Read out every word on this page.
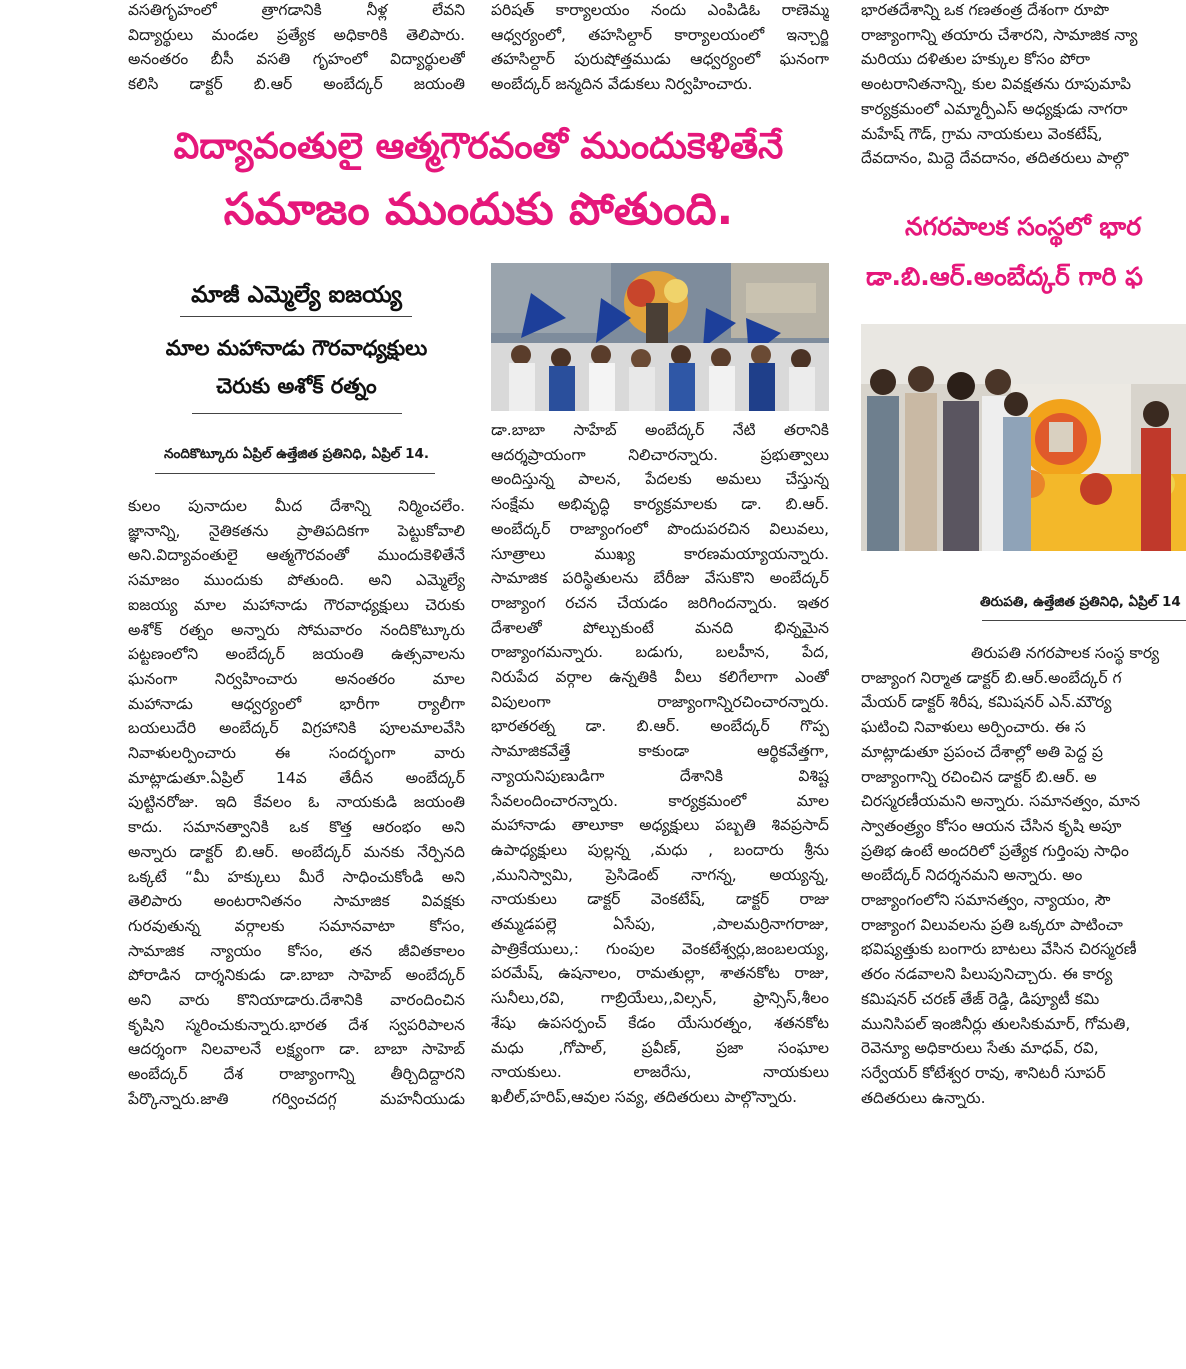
వసతిగృహంలో త్రాగడానికి నీళ్ల లేవని

విద్యార్థులు మండల ప్రత్యేక అధికారికి తెలిపారు.

అనంతరం బీసీ వసతి గృహంలో విద్యార్థులతో

కలిసి డాక్టర్ బి.ఆర్ అంబేద్కర్ జయంతి

పరిషత్ కార్యాలయం నందు ఎంపిడిఓ రాణెమ్మ

ఆధ్వర్యంలో, తహసిల్దార్ కార్యాలయంలో ఇన్చార్జి

తహసిల్దార్ పురుషోత్తముడు ఆధ్వర్యంలో ఘనంగా

అంబేద్కర్ జన్మదిన వేడుకలు నిర్వహించారు.

భారతదేశాన్ని ఒక గణతంత్ర దేశంగా రూపొ

రాజ్యాంగాన్ని తయారు చేశారని, సామాజిక న్యా

మరియు దళితుల హక్కుల కోసం పోరా

అంటరానితనాన్ని, కుల వివక్షతను రూపుమాపి

కార్యక్రమంలో ఎమ్మార్పీఎస్ అధ్యక్షుడు నాగరా

మహేష్ గౌడ్, గ్రామ నాయకులు వెంకటేష్,

దేవదానం, మిద్దె దేవదానం, తదితరులు పాల్గొ

విద్యావంతులై ఆత్మగౌరవంతో ముందుకెళితేనే
సమాజం ముందుకు పోతుంది.
మాజీ ఎమ్మెల్యే ఐజయ్య
మాల మహానాడు గౌరవాధ్యక్షులు
చెరుకు అశోక్ రత్నం
నందికొట్కూరు ఏప్రిల్ ఉత్తేజిత ప్రతినిధి, ఏప్రిల్ 14.

కులం పునాదుల మీద దేశాన్ని నిర్మించలేం.

జ్ఞానాన్ని, నైతికతను ప్రాతిపదికగా పెట్టుకోవాలి

అని.విద్యావంతులై ఆత్మగౌరవంతో ముందుకెళితేనే

సమాజం ముందుకు పోతుంది. అని ఎమ్మెల్యే

ఐజయ్య మాల మహానాడు గౌరవాధ్యక్షులు చెరుకు

అశోక్ రత్నం అన్నారు సోమవారం నందికొట్కూరు

పట్టణంలోని అంబేద్కర్ జయంతి ఉత్సవాలను

ఘనంగా నిర్వహించారు అనంతరం మాల

మహానాడు ఆధ్వర్యంలో భారీగా ర్యాలీగా

బయలుదేరి అంబేద్కర్ విగ్రహానికి పూలమాలవేసి

నివాళులర్పించారు ఈ సందర్భంగా వారు

మాట్లాడుతూ.ఏప్రిల్ 14వ తేదీన అంబేద్కర్

పుట్టినరోజు. ఇది కేవలం ఓ నాయకుడి జయంతి

కాదు. సమానత్వానికి ఒక కొత్త ఆరంభం అని

అన్నారు డాక్టర్ బి.ఆర్. అంబేద్కర్ మనకు నేర్పినది

ఒక్కటే “మీ హక్కులు మీరే సాధించుకోండి అని

తెలిపారు అంటరానితనం సామాజిక వివక్షకు

గురవుతున్న వర్గాలకు సమానవాటా కోసం,

సామాజిక న్యాయం కోసం, తన జీవితకాలం

పోరాడిన దార్శనికుడు డా.బాబా సాహెబ్ అంబేద్కర్

అని వారు కొనియాడారు.దేశానికి వారందించిన

కృషిని స్మరించుకున్నారు.భారత దేశ స్వపరిపాలన

ఆదర్శంగా నిలవాలనే లక్ష్యంగా డా. బాబా సాహెబ్

అంబేద్కర్ దేశ రాజ్యాంగాన్ని తీర్చిదిద్దారని

పేర్కొన్నారు.జాతి గర్వించదగ్గ మహనీయుడు

డా.బాబా సాహేబ్ అంబేద్కర్ నేటి తరానికి

ఆదర్శప్రాయంగా నిలిచారన్నారు. ప్రభుత్వాలు

అందిస్తున్న పాలన, పేదలకు అమలు చేస్తున్న

సంక్షేమ అభివృద్ధి కార్యక్రమాలకు డా. బి.ఆర్.

అంబేద్కర్ రాజ్యాంగంలో పొందుపరచిన విలువలు,

సూత్రాలు ముఖ్య కారణమయ్యాయన్నారు.

సామాజిక పరిస్థితులను బేరీజు వేసుకొని అంబేద్కర్

రాజ్యాంగ రచన చేయడం జరిగిందన్నారు. ఇతర

దేశాలతో పోల్చుకుంటే మనది భిన్నమైన

రాజ్యాంగమన్నారు. బడుగు, బలహీన, పేద,

నిరుపేద వర్గాల ఉన్నతికి వీలు కలిగేలాగా ఎంతో

విపులంగా రాజ్యాంగాన్నిరచించారన్నారు.

భారతరత్న డా. బి.ఆర్. అంబేద్కర్ గొప్ప

సామాజికవేత్తే కాకుండా ఆర్థికవేత్తగా,

న్యాయనిపుణుడిగా దేశానికి విశిష్ట

సేవలందించారన్నారు. కార్యక్రమంలో మాల

మహానాడు తాలూకా అధ్యక్షులు పబ్బతి శివప్రసాద్

ఉపాధ్యక్షులు పుల్లన్న ,మధు , బందారు శ్రీను

,మునిస్వామి, ప్రెసిడెంట్ నాగన్న, అయ్యన్న,

నాయకులు డాక్టర్ వెంకటేష్, డాక్టర్ రాజు

తమ్మడపల్లె ఏసేపు, ,పాలమర్రినాగరాజు,

పాత్రికేయులు,: గుంపుల వెంకటేశ్వర్లు,జంబలయ్య,

పరమేష్, ఉషనాలం, రామతుల్లా, శాతనకోట రాజు,

సునీలు,రవి, గాబ్రియేలు,,విల్సన్, ఫ్రాన్సిస్,శీలం

శేషు ఉపసర్పంచ్ కేడం యేసురత్నం, శతనకోట

మధు ,గోపాల్, ప్రవీణ్, ప్రజా సంఘాల

నాయకులు. లాజరేసు, నాయకులు

ఖలీల్,హరిప్,ఆవుల సవ్య, తదితరులు పాల్గొన్నారు.

నగరపాలక సంస్థలో భార
డా.బి.ఆర్.అంబేద్కర్ గారి ఫ
తిరుపతి, ఉత్తేజిత ప్రతినిధి, ఏప్రిల్ 14

తిరుపతి నగరపాలక సంస్థ కార్య

రాజ్యాంగ నిర్మాత డాక్టర్ బి.ఆర్.అంబేద్కర్ గ

మేయర్ డాక్టర్ శిరీష, కమిషనర్ ఎన్.మౌర్య

ఘటించి నివాళులు అర్పించారు. ఈ స

మాట్లాడుతూ ప్రపంచ దేశాల్లో అతి పెద్ద ప్ర

రాజ్యాంగాన్ని రచించిన డాక్టర్ బి.ఆర్. అ

చిరస్మరణీయమని అన్నారు. సమానత్వం, మాన

స్వాతంత్ర్యం కోసం ఆయన చేసిన కృషి అపూ

ప్రతిభ ఉంటే అందరిలో ప్రత్యేక గుర్తింపు సాధిం

అంబేద్కర్ నిదర్శనమని అన్నారు. అం

రాజ్యాంగంలోని సమానత్వం, న్యాయం, సౌ

రాజ్యాంగ విలువలను ప్రతి ఒక్కరూ పాటించా

భవిష్యత్తుకు బంగారు బాటలు వేసిన చిరస్మరణీ

తరం నడవాలని పిలుపునిచ్చారు. ఈ కార్య

కమిషనర్ చరణ్ తేజ్ రెడ్డి, డిప్యూటీ కమి

మునిసిపల్ ఇంజినీర్లు తులసికుమార్, గోమతి,

రెవెన్యూ అధికారులు సేతు మాధవ్, రవి,

సర్వేయర్ కోటేశ్వర రావు, శానిటరీ సూపర్

తదితరులు ఉన్నారు.
